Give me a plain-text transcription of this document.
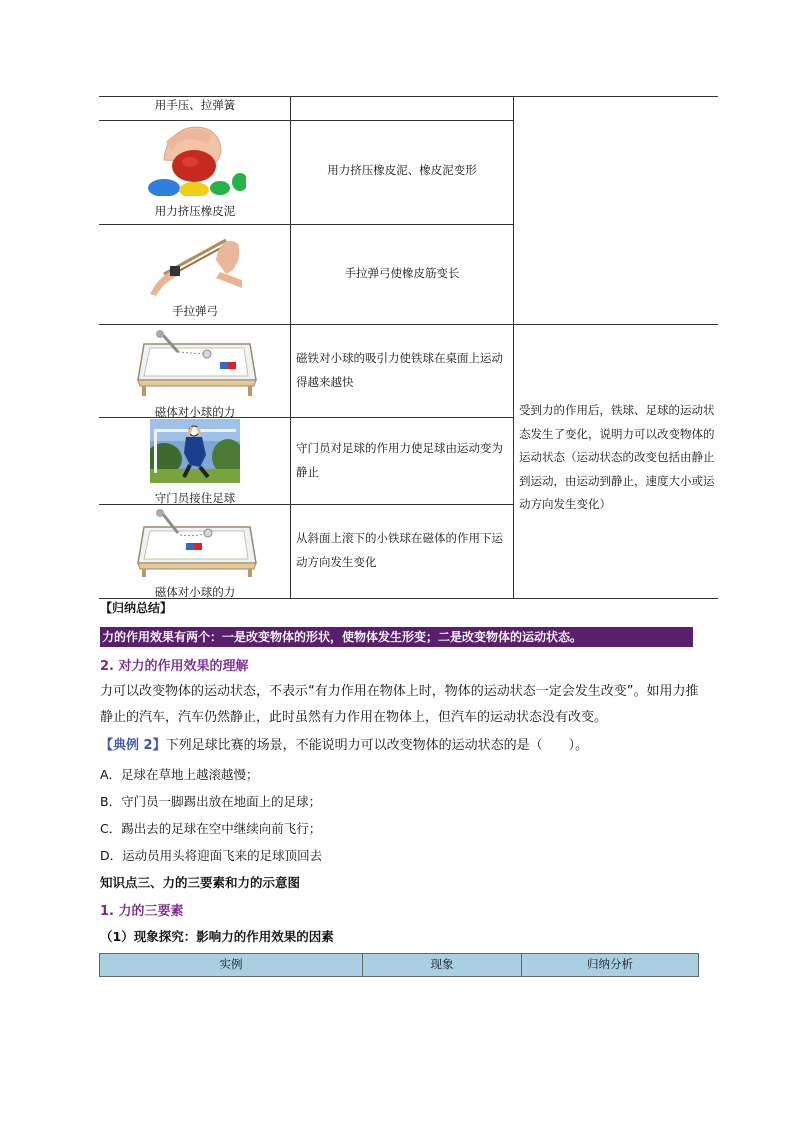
用手压、拉弹簧
用力挤压橡皮泥
用力挤压橡皮泥、橡皮泥变形
手拉弹弓
手拉弹弓使橡皮筋变长
磁体对小球的力
磁铁对小球的吸引力使铁球在桌面上运动得越来越快
守门员接住足球
守门员对足球的作用力使足球由运动变为静止
磁体对小球的力
从斜面上滚下的小铁球在磁体的作用下运动方向发生变化
受到力的作用后，铁球、足球的运动状态发生了变化，说明力可以改变物体的运动状态（运动状态的改变包括由静止到运动，由运动到静止，速度大小或运动方向发生变化）
【归纳总结】
力的作用效果有两个：一是改变物体的形状，使物体发生形变；二是改变物体的运动状态。
2. 对力的作用效果的理解
力可以改变物体的运动状态，不表示“有力作用在物体上时，物体的运动状态一定会发生改变”。如用力推静止的汽车，汽车仍然静止，此时虽然有力作用在物体上，但汽车的运动状态没有改变。
【典例 2】下列足球比赛的场景，不能说明力可以改变物体的运动状态的是（　　）。
A．足球在草地上越滚越慢；
B．守门员一脚踢出放在地面上的足球；
C．踢出去的足球在空中继续向前飞行；
D．运动员用头将迎面飞来的足球顶回去
知识点三、力的三要素和力的示意图
1. 力的三要素
（1）现象探究：影响力的作用效果的因素
实例	现象	归纳分析
